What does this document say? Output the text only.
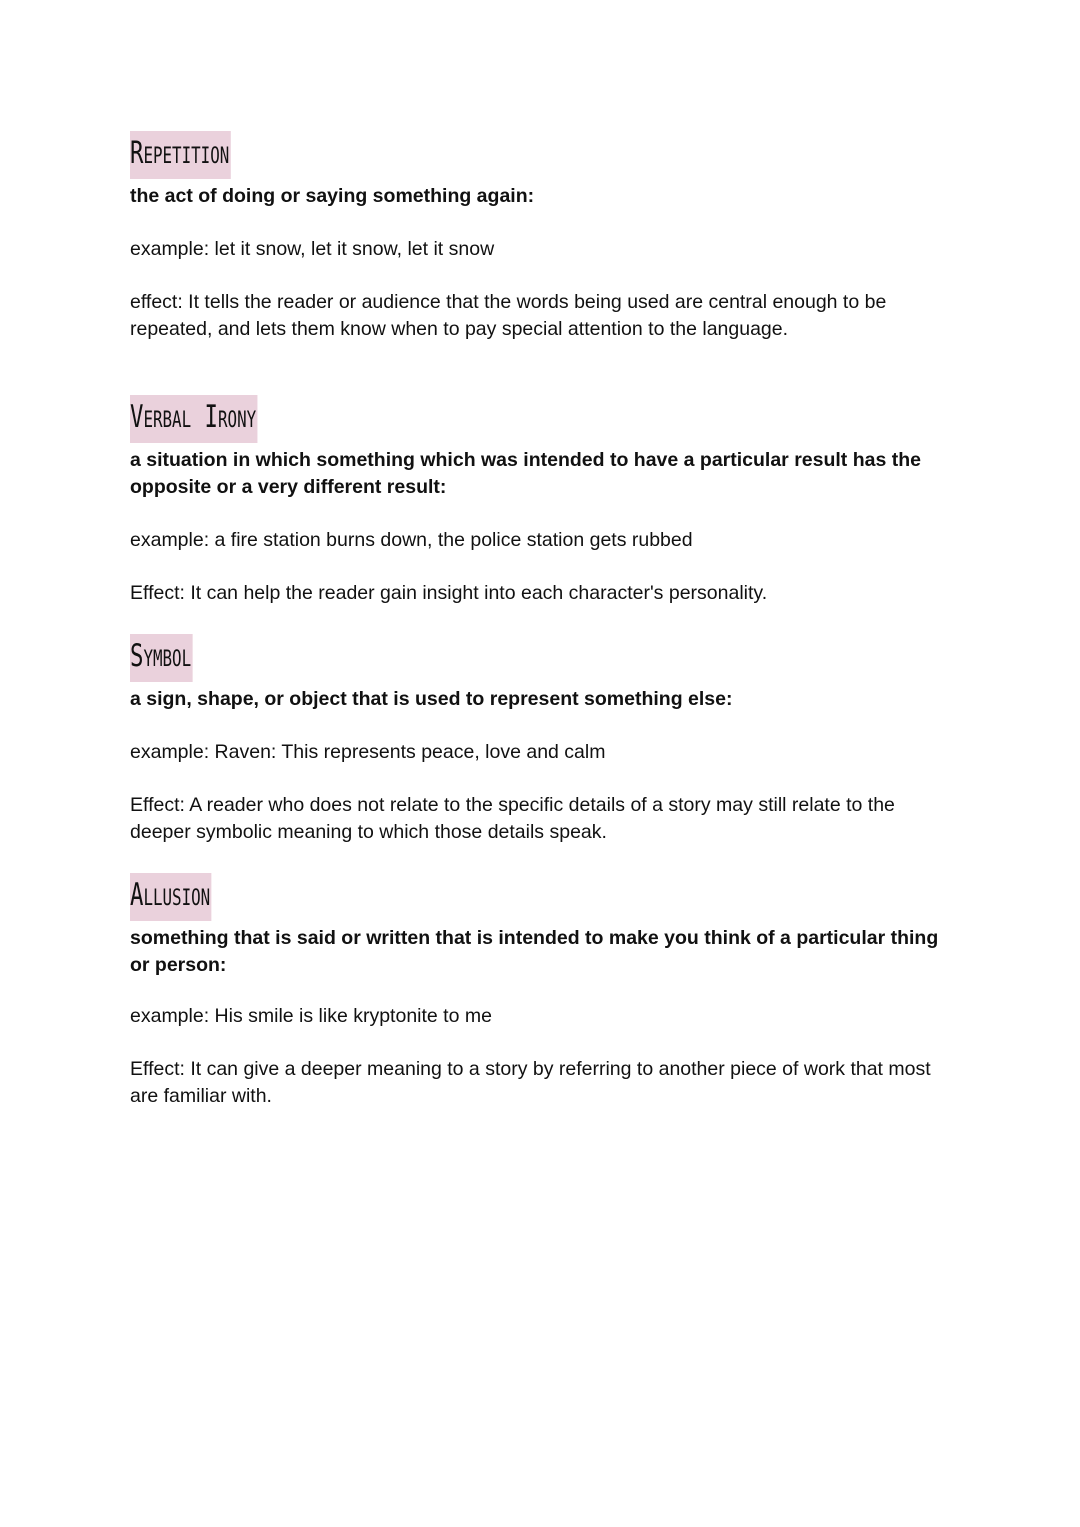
Repetition
the act of doing or saying something again:
example: let it snow, let it snow, let it snow
effect: It tells the reader or audience that the words being used are central enough to be repeated, and lets them know when to pay special attention to the language.
Verbal Irony
a situation in which something which was intended to have a particular result has the opposite or a very different result:
example: a fire station burns down, the police station gets rubbed
Effect: It can help the reader gain insight into each character's personality.
Symbol
a sign, shape, or object that is used to represent something else:
example: Raven: This represents peace, love and calm
Effect: A reader who does not relate to the specific details of a story may still relate to the deeper symbolic meaning to which those details speak.
Allusion
something that is said or written that is intended to make you think of a particular thing or person:
example: His smile is like kryptonite to me
Effect: It can give a deeper meaning to a story by referring to another piece of work that most are familiar with.
